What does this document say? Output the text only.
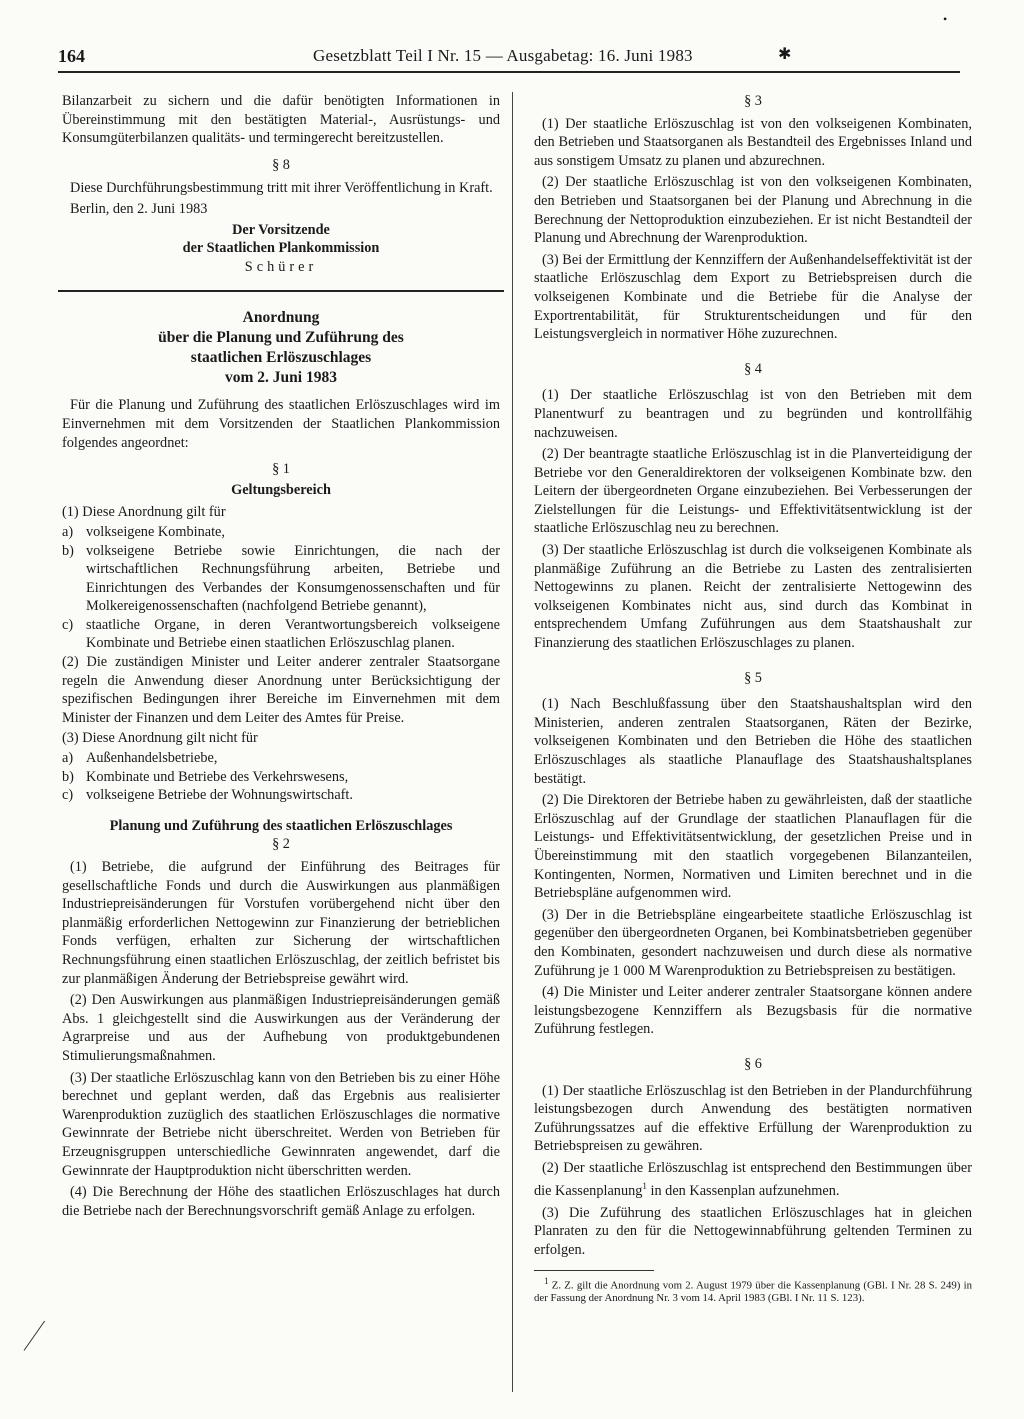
•
164	Gesetzblatt Teil I Nr. 15 — Ausgabetag: 16. Juni 1983	✱

Bilanzarbeit zu sichern und die dafür benötigten Informationen in Übereinstimmung mit den bestätigten Material-, Ausrüstungs- und Konsumgüterbilanzen qualitäts- und termingerecht bereitzustellen.

§ 8

Diese Durchführungsbestimmung tritt mit ihrer Veröffentlichung in Kraft.

Berlin, den 2. Juni 1983

Der Vorsitzende
der Staatlichen Plankommission
Schürer
Anordnung
über die Planung und Zuführung des
staatlichen Erlöszuschlages
vom 2. Juni 1983

Für die Planung und Zuführung des staatlichen Erlöszuschlages wird im Einvernehmen mit dem Vorsitzenden der Staatlichen Plankommission folgendes angeordnet:

§ 1
Geltungsbereich

(1) Diese Anordnung gilt für

a) volkseigene Kombinate,
b) volkseigene Betriebe sowie Einrichtungen, die nach der wirtschaftlichen Rechnungsführung arbeiten, Betriebe und Einrichtungen des Verbandes der Konsumgenossenschaften und für Molkereigenossenschaften (nachfolgend Betriebe genannt),
c) staatliche Organe, in deren Verantwortungsbereich volkseigene Kombinate und Betriebe einen staatlichen Erlöszuschlag planen.

(2) Die zuständigen Minister und Leiter anderer zentraler Staatsorgane regeln die Anwendung dieser Anordnung unter Berücksichtigung der spezifischen Bedingungen ihrer Bereiche im Einvernehmen mit dem Minister der Finanzen und dem Leiter des Amtes für Preise.

(3) Diese Anordnung gilt nicht für

a) Außenhandelsbetriebe,
b) Kombinate und Betriebe des Verkehrswesens,
c) volkseigene Betriebe der Wohnungswirtschaft.
Planung und Zuführung des staatlichen Erlöszuschlages
§ 2

(1) Betriebe, die aufgrund der Einführung des Beitrages für gesellschaftliche Fonds und durch die Auswirkungen aus planmäßigen Industriepreisänderungen für Vorstufen vorübergehend nicht über den planmäßig erforderlichen Nettogewinn zur Finanzierung der betrieblichen Fonds verfügen, erhalten zur Sicherung der wirtschaftlichen Rechnungsführung einen staatlichen Erlöszuschlag, der zeitlich befristet bis zur planmäßigen Änderung der Betriebspreise gewährt wird.

(2) Den Auswirkungen aus planmäßigen Industriepreisänderungen gemäß Abs. 1 gleichgestellt sind die Auswirkungen aus der Veränderung der Agrarpreise und aus der Aufhebung von produktgebundenen Stimulierungsmaßnahmen.

(3) Der staatliche Erlöszuschlag kann von den Betrieben bis zu einer Höhe berechnet und geplant werden, daß das Ergebnis aus realisierter Warenproduktion zuzüglich des staatlichen Erlöszuschlages die normative Gewinnrate der Betriebe nicht überschreitet. Werden von Betrieben für Erzeugnisgruppen unterschiedliche Gewinnraten angewendet, darf die Gewinnrate der Hauptproduktion nicht überschritten werden.

(4) Die Berechnung der Höhe des staatlichen Erlöszuschlages hat durch die Betriebe nach der Berechnungsvorschrift gemäß Anlage zu erfolgen.

§ 3

(1) Der staatliche Erlöszuschlag ist von den volkseigenen Kombinaten, den Betrieben und Staatsorganen als Bestandteil des Ergebnisses Inland und aus sonstigem Umsatz zu planen und abzurechnen.

(2) Der staatliche Erlöszuschlag ist von den volkseigenen Kombinaten, den Betrieben und Staatsorganen bei der Planung und Abrechnung in die Berechnung der Nettoproduktion einzubeziehen. Er ist nicht Bestandteil der Planung und Abrechnung der Warenproduktion.

(3) Bei der Ermittlung der Kennziffern der Außenhandelseffektivität ist der staatliche Erlöszuschlag dem Export zu Betriebspreisen durch die volkseigenen Kombinate und die Betriebe für die Analyse der Exportrentabilität, für Strukturentscheidungen und für den Leistungsvergleich in normativer Höhe zuzurechnen.

§ 4

(1) Der staatliche Erlöszuschlag ist von den Betrieben mit dem Planentwurf zu beantragen und zu begründen und kontrollfähig nachzuweisen.

(2) Der beantragte staatliche Erlöszuschlag ist in die Planverteidigung der Betriebe vor den Generaldirektoren der volkseigenen Kombinate bzw. den Leitern der übergeordneten Organe einzubeziehen. Bei Verbesserungen der Zielstellungen für die Leistungs- und Effektivitätsentwicklung ist der staatliche Erlöszuschlag neu zu berechnen.

(3) Der staatliche Erlöszuschlag ist durch die volkseigenen Kombinate als planmäßige Zuführung an die Betriebe zu Lasten des zentralisierten Nettogewinns zu planen. Reicht der zentralisierte Nettogewinn des volkseigenen Kombinates nicht aus, sind durch das Kombinat in entsprechendem Umfang Zuführungen aus dem Staatshaushalt zur Finanzierung des staatlichen Erlöszuschlages zu planen.

§ 5

(1) Nach Beschlußfassung über den Staatshaushaltsplan wird den Ministerien, anderen zentralen Staatsorganen, Räten der Bezirke, volkseigenen Kombinaten und den Betrieben die Höhe des staatlichen Erlöszuschlages als staatliche Planauflage des Staatshaushaltsplanes bestätigt.

(2) Die Direktoren der Betriebe haben zu gewährleisten, daß der staatliche Erlöszuschlag auf der Grundlage der staatlichen Planauflagen für die Leistungs- und Effektivitätsentwicklung, der gesetzlichen Preise und in Übereinstimmung mit den staatlich vorgegebenen Bilanzanteilen, Kontingenten, Normen, Normativen und Limiten berechnet und in die Betriebspläne aufgenommen wird.

(3) Der in die Betriebspläne eingearbeitete staatliche Erlöszuschlag ist gegenüber den übergeordneten Organen, bei Kombinatsbetrieben gegenüber den Kombinaten, gesondert nachzuweisen und durch diese als normative Zuführung je 1 000 M Warenproduktion zu Betriebspreisen zu bestätigen.

(4) Die Minister und Leiter anderer zentraler Staatsorgane können andere leistungsbezogene Kennziffern als Bezugsbasis für die normative Zuführung festlegen.

§ 6

(1) Der staatliche Erlöszuschlag ist den Betrieben in der Plandurchführung leistungsbezogen durch Anwendung des bestätigten normativen Zuführungssatzes auf die effektive Erfüllung der Warenproduktion zu Betriebspreisen zu gewähren.

(2) Der staatliche Erlöszuschlag ist entsprechend den Bestimmungen über die Kassenplanung$^1$ in den Kassenplan aufzunehmen.

(3) Die Zuführung des staatlichen Erlöszuschlages hat in gleichen Planraten zu den für die Nettogewinnabführung geltenden Terminen zu erfolgen.

$^1$ Z. Z. gilt die Anordnung vom 2. August 1979 über die Kassenplanung (GBl. I Nr. 28 S. 249) in der Fassung der Anordnung Nr. 3 vom 14. April 1983 (GBl. I Nr. 11 S. 123).
